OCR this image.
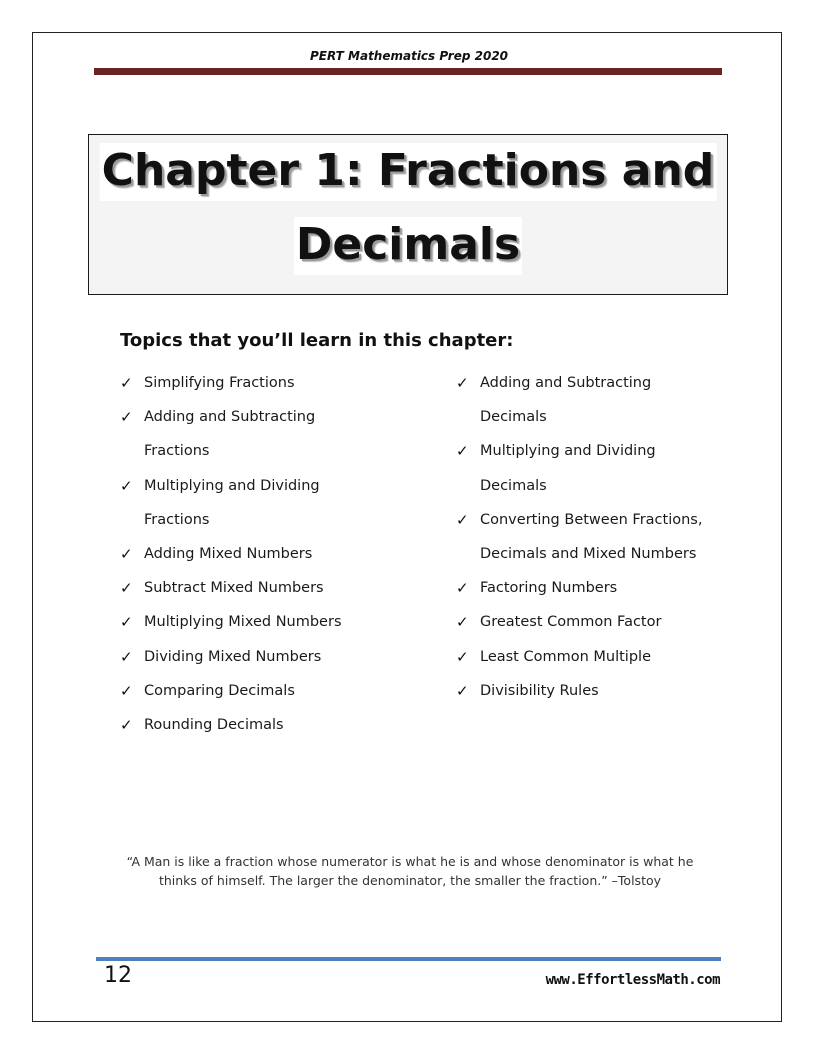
PERT Mathematics Prep 2020
Chapter 1: Fractions and
Decimals
Topics that you’ll learn in this chapter:
✓ Simplifying Fractions
✓ Adding and Subtracting
Fractions
✓ Multiplying and Dividing
Fractions
✓ Adding Mixed Numbers
✓ Subtract Mixed Numbers
✓ Multiplying Mixed Numbers
✓ Dividing Mixed Numbers
✓ Comparing Decimals
✓ Rounding Decimals
✓ Adding and Subtracting
Decimals
✓ Multiplying and Dividing
Decimals
✓ Converting Between Fractions,
Decimals and Mixed Numbers
✓ Factoring Numbers
✓ Greatest Common Factor
✓ Least Common Multiple
✓ Divisibility Rules
“A Man is like a fraction whose numerator is what he is and whose denominator is what he
thinks of himself. The larger the denominator, the smaller the fraction.” –Tolstoy
12	www.EffortlessMath.com
